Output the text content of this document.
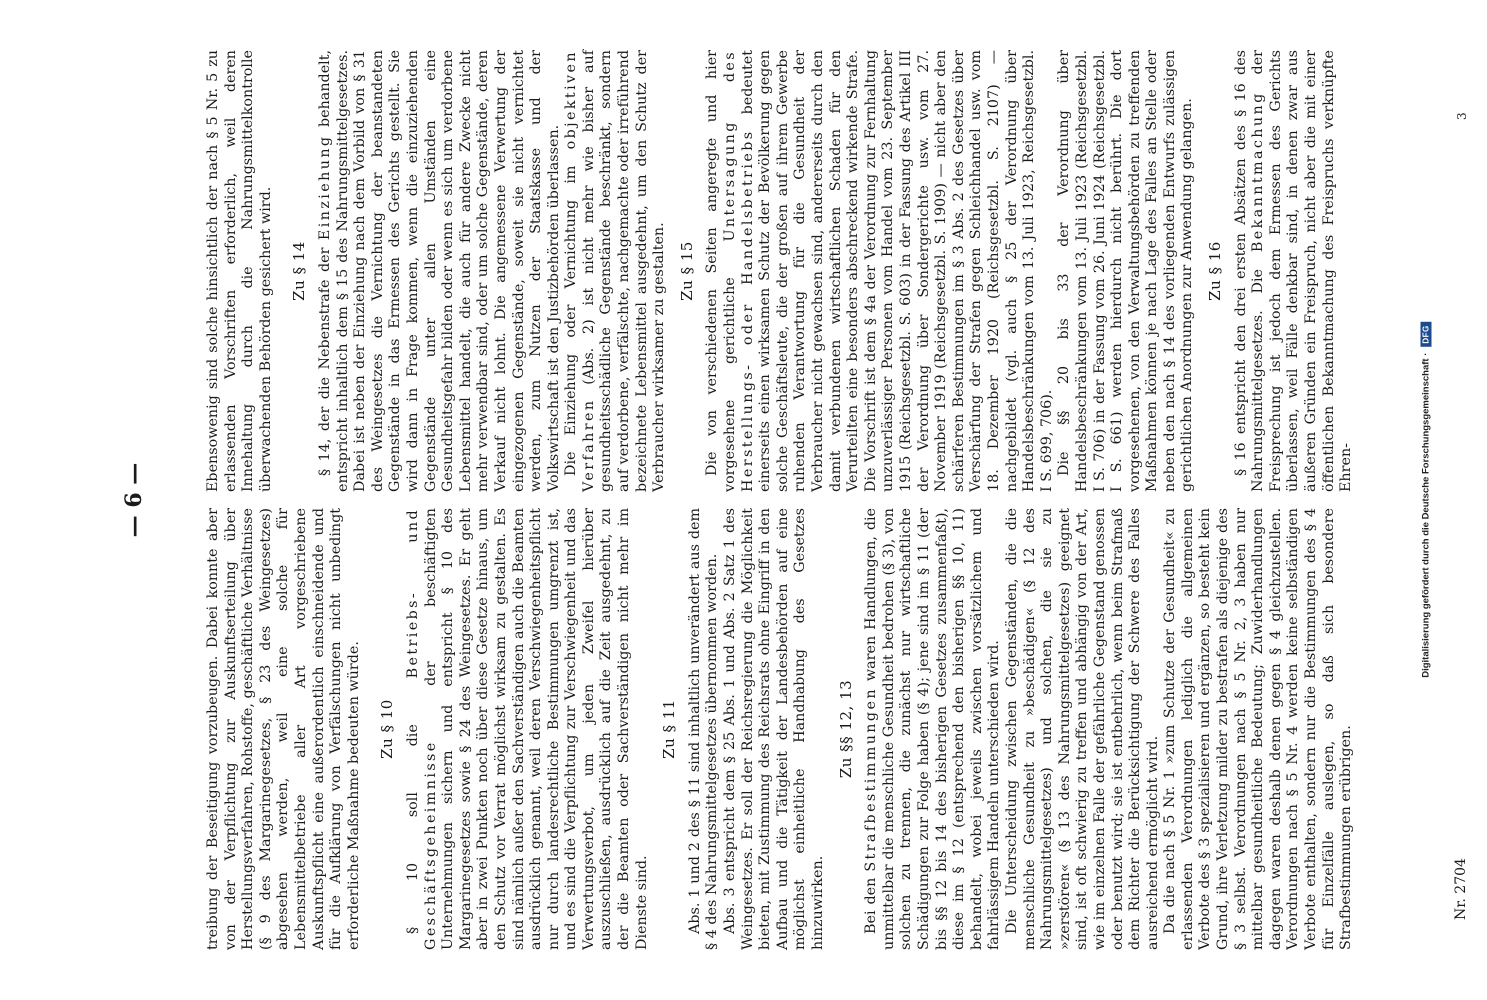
— 6 —

treibung der Beseitigung vorzubeugen. Dabei konnte aber von der Verpflichtung zur Auskunftserteilung über Herstellungsverfahren, Rohstoffe, geschäftliche Verhältnisse (§ 9 des Margarinegesetzes, § 23 des Weingesetzes) abgesehen werden, weil eine solche für Lebensmittelbetriebe aller Art vorgeschriebene Auskunftspflicht eine außerordentlich einschneidende und für die Aufklärung von Verfälschungen nicht unbedingt erforderliche Maßnahme bedeuten würde. Zu § 10 § 10 soll die Betriebs- und Geschäftsgeheimnisse der beschäftigten Unternehmungen sichern und entspricht § 10 des Margarinegesetzes sowie § 24 des Weingesetzes. Er geht aber in zwei Punkten noch über diese Gesetze hinaus, um den Schutz vor Verrat möglichst wirksam zu gestalten. Es sind nämlich außer den Sachverständigen auch die Beamten ausdrücklich genannt, weil deren Verschwiegenheitspflicht nur durch landesrechtliche Bestimmungen umgrenzt ist, und es sind die Verpflichtung zur Verschwiegenheit und das Verwertungsverbot, um jeden Zweifel hierüber auszuschließen, ausdrücklich auf die Zeit ausgedehnt, zu der die Beamten oder Sachverständigen nicht mehr im Dienste sind.

Zu § 11 Abs. 1 und 2 des § 11 sind inhaltlich unverändert aus dem § 4 des Nahrungsmittelgesetzes übernommen worden. Abs. 3 entspricht dem § 25 Abs. 1 und Abs. 2 Satz 1 des Weingesetzes. Er soll der Reichsregierung die Möglichkeit bieten, mit Zustimmung des Reichsrats ohne Eingriff in den Aufbau und die Tätigkeit der Landesbehörden auf eine möglichst einheitliche Handhabung des Gesetzes hinzuwirken.

Zu §§ 12, 13

Bei den Strafbestimmungen waren Handlungen, die unmittelbar die menschliche Gesundheit bedrohen (§ 3), von solchen zu trennen, die zunächst nur wirtschaftliche Schädigungen zur Folge haben (§ 4); jene sind im § 11 (der bis §§ 12 bis 14 des bisherigen Gesetzes zusammenfaßt), diese im § 12 (entsprechend den bisherigen §§ 10, 11) behandelt, wobei jeweils zwischen vorsätzlichem und fahrlässigem Handeln unterschieden wird. Die Unterscheidung zwischen Gegenständen, die die menschliche Gesundheit zu »beschädigen« (§ 12 des Nahrungsmittelgesetzes) und solchen, die sie zu »zerstören« (§ 13 des Nahrungsmittelgesetzes) geeignet sind, ist oft schwierig zu treffen und abhängig von der Art, wie im einzelnen Falle der gefährliche Gegenstand genossen oder benutzt wird; sie ist entbehrlich, wenn beim Strafmaß dem Richter die Berücksichtigung der Schwere des Falles ausreichend ermöglicht wird. Da die nach § 5 Nr. 1 »zum Schutze der Gesundheit« zu erlassenden Verordnungen lediglich die allgemeinen Verbote des § 3 spezialisieren und ergänzen, so besteht kein Grund, ihre Verletzung milder zu bestrafen als diejenige des § 3 selbst. Verordnungen nach § 5 Nr. 2, 3 haben nur mittelbar gesundheitliche Bedeutung; Zuwiderhandlungen dagegen waren deshalb denen gegen § 4 gleichzustellen. Verordnungen nach § 5 Nr. 4 werden keine selbständigen Verbote enthalten, sondern nur die Bestimmungen des § 4 für Einzelfälle auslegen, so daß sich besondere Strafbestimmungen erübrigen.

Ebensowenig sind solche hinsichtlich der nach § 5 Nr. 5 zu erlassenden Vorschriften erforderlich, weil deren Innehaltung durch die Nahrungsmittelkontrolle überwachenden Behörden gesichert wird. Zu § 14 § 14, der die Nebenstrafe der Einziehung behandelt, entspricht inhaltlich dem § 15 des Nahrungsmittelgesetzes. Dabei ist neben der Einziehung nach dem Vorbild von § 31 des Weingesetzes die Vernichtung der beanstandeten Gegenstände in das Ermessen des Gerichts gestellt. Sie wird dann in Frage kommen, wenn die einzuziehenden Gegenstände unter allen Umständen eine Gesundheitsgefahr bilden oder wenn es sich um verdorbene Lebensmittel handelt, die auch für andere Zwecke nicht mehr verwendbar sind, oder um solche Gegenstände, deren Verkauf nicht lohnt. Die angemessene Verwertung der eingezogenen Gegenstände, soweit sie nicht vernichtet werden, zum Nutzen der Staatskasse und der Volkswirtschaft ist den Justizbehörden überlassen. Die Einziehung oder Vernichtung im objektiven Verfahren (Abs. 2) ist nicht mehr wie bisher auf gesundheitsschädliche Gegenstände beschränkt, sondern auf verdorbene, verfälschte, nachgemachte oder irreführend bezeichnete Lebensmittel ausgedehnt, um den Schutz der Verbraucher wirksamer zu gestalten. Zu § 15 Die von verschiedenen Seiten angeregte und hier vorgesehene gerichtliche Untersagung des Herstellungs- oder Handelsbetriebs bedeutet einerseits einen wirksamen Schutz der Bevölkerung gegen solche Geschäftsleute, die der großen auf ihrem Gewerbe ruhenden Verantwortung für die Gesundheit der Verbraucher nicht gewachsen sind, andererseits durch den damit verbundenen wirtschaftlichen Schaden für den Verurteilten eine besonders abschreckend wirkende Strafe. Die Vorschrift ist dem § 4a der Verordnung zur Fernhaltung unzuverlässiger Personen vom Handel vom 23. September 1915 (Reichsgesetzbl. S. 603) in der Fassung des Artikel III der Verordnung über Sondergerichte usw. vom 27. November 1919 (Reichsgesetzbl. S. 1909) — nicht aber den schärferen Bestimmungen im § 3 Abs. 2 des Gesetzes über Verschärfung der Strafen gegen Schleichhandel usw. vom 18. Dezember 1920 (Reichsgesetzbl. S. 2107) — nachgebildet (vgl. auch § 25 der Verordnung über Handelsbeschränkungen vom 13. Juli 1923, Reichsgesetzbl. I S. 699, 706). Die §§ 20 bis 33 der Verordnung über Handelsbeschränkungen vom 13. Juli 1923 (Reichsgesetzbl. I S. 706) in der Fassung vom 26. Juni 1924 (Reichsgesetzbl. I S. 661) werden hierdurch nicht berührt. Die dort vorgesehenen, von den Verwaltungsbehörden zu treffenden Maßnahmen können je nach Lage des Falles an Stelle oder neben den nach § 14 des vorliegenden Entwurfs zulässigen gerichtlichen Anordnungen zur Anwendung gelangen. Zu § 16 § 16 entspricht den drei ersten Absätzen des § 16 des Nahrungsmittelgesetzes. Die Bekanntmachung der Freisprechung ist jedoch dem Ermessen des Gerichts überlassen, weil Fälle denkbar sind, in denen zwar aus äußeren Gründen ein Freispruch, nicht aber die mit einer öffentlichen Bekanntmachung des Freispruchs verknüpfte Ehren-

Nr. 2704
3
Digitalisierung gefördert durch die Deutsche Forschungsgemeinschaft ·DFG
